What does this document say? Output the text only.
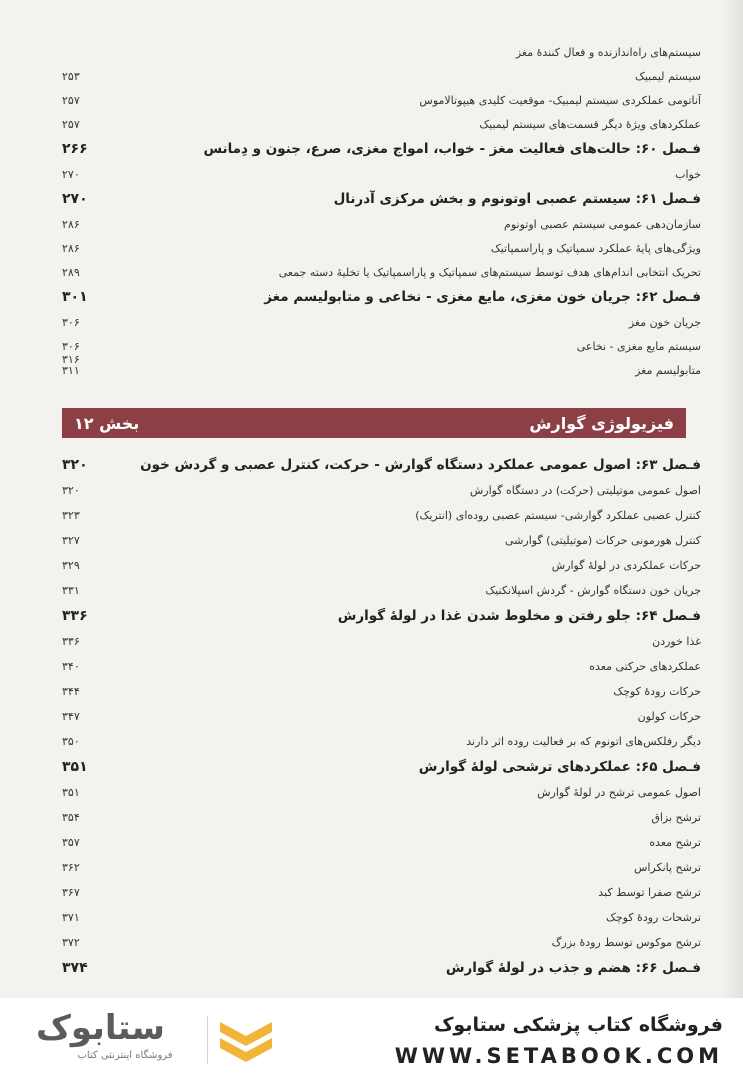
سیستم‌های راه‌اندازنده و فعال کنندهٔ مغز
سیستم لیمبیک
۲۵۳
آناتومی عملکردی سیستم لیمبیک- موقعیت کلیدی هیپوتالاموس
۲۵۷
عملکردهای ویژهٔ دیگر قسمت‌های سیستم لیمبیک
۲۵۷
فـصل ۶۰: حالت‌های فعالیت مغز - خواب، امواج مغزی، صرع، جنون و دِمانس
۲۶۶
خواب
۲۷۰
فـصل ۶۱: سیستم عصبی اوتونوم و بخش مرکزی آدرنال
۲۷۰
سازمان‌دهی عمومی سیستم عصبی اوتونوم
۲۸۶
ویژگی‌های پایهٔ عملکرد سمپاتیک و پاراسمپاتیک
۲۸۶
تحریک انتخابی اندام‌های هدف توسط سیستم‌های سمپاتیک و پاراسمپاتیک یا تخلیهٔ دسته جمعی
۲۸۹
فـصل ۶۲: جریان خون مغزی، مایع مغزی - نخاعی و متابولیسم مغز
۳۰۱
جریان خون مغز
۳۰۶
سیستم مایع مغزی - نخاعی
۳۰۶
متابولیسم مغز
۳۱۱
۳۱۶
فیزیولوژی گوارش
بخش ۱۲
فـصل ۶۳: اصول عمومی عملکرد دستگاه گوارش - حرکت، کنترل عصبی و گردش خون
۳۲۰
اصول عمومی موتیلیتی (حرکت) در دستگاه گوارش
۳۲۰
کنترل عصبی عملکرد گوارشی- سیستم عصبی روده‌ای (انتریک)
۳۲۳
کنترل هورمونی حرکات (موتیلیتی) گوارشی
۳۲۷
حرکات عملکردی در لولهٔ گوارش
۳۲۹
جریان خون دستگاه گوارش - گردش اسپلانکنیک
۳۳۱
فـصل ۶۴: جلو رفتن و مخلوط شدن غذا در لولهٔ گوارش
۳۳۶
غذا خوردن
۳۳۶
عملکردهای حرکتی معده
۳۴۰
حرکات رودهٔ کوچک
۳۴۴
حرکات کولون
۳۴۷
دیگر رفلکس‌های اتونوم که بر فعالیت روده اثر دارند
۳۵۰
فـصل ۶۵: عملکردهای ترشحی لولهٔ گوارش
۳۵۱
اصول عمومی ترشح در لولهٔ گوارش
۳۵۱
ترشح بزاق
۳۵۴
ترشح معده
۳۵۷
ترشح پانکراس
۳۶۲
ترشح صفرا توسط کبد
۳۶۷
ترشحات رودهٔ کوچک
۳۷۱
ترشح موکوس توسط رودهٔ بزرگ
۳۷۲
فـصل ۶۶: هضم و جذب در لولهٔ گوارش
۳۷۴
ستابوک
فروشگاه اینترنتی کتاب
فروشگاه کتاب پزشکی ستابوک
WWW.SETABOOK.COM
